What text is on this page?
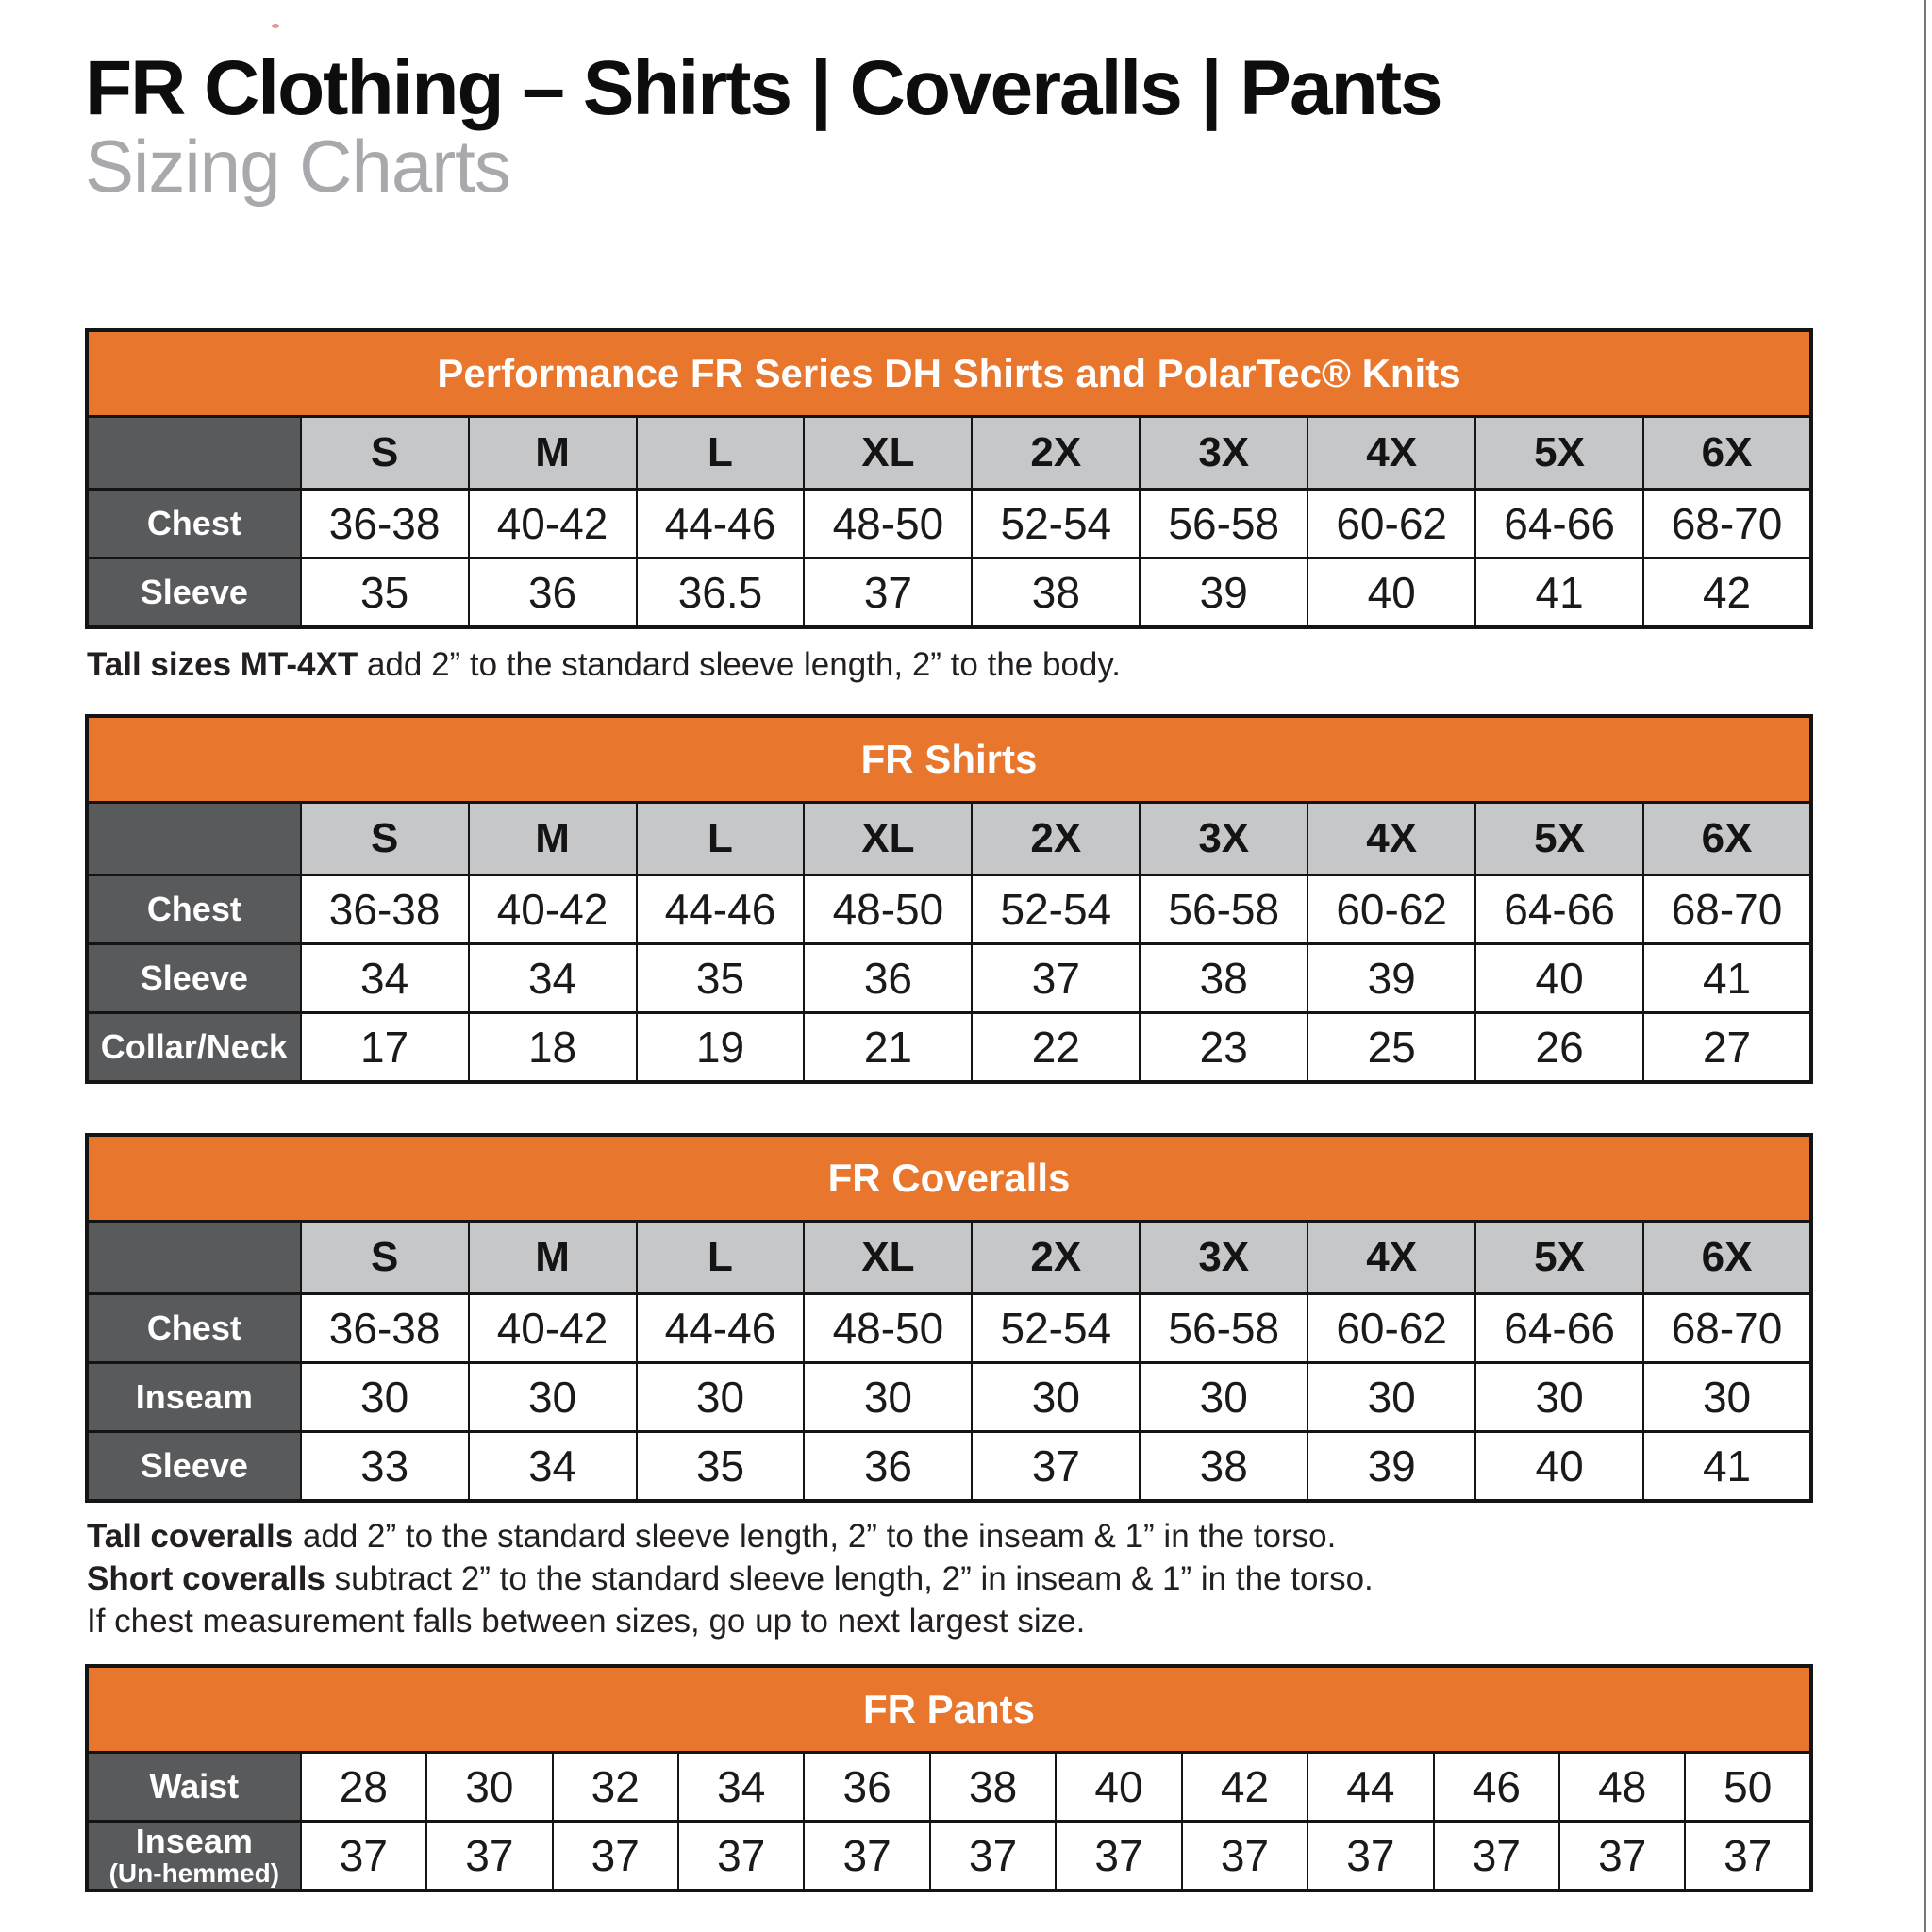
FR Clothing – Shirts | Coveralls | Pants
Sizing Charts
Performance FR Series DH Shirts and PolarTec® Knits									
	S	M	L	XL	2X	3X	4X	5X	6X
Chest	36-38	40-42	44-46	48-50	52-54	56-58	60-62	64-66	68-70
Sleeve	35	36	36.5	37	38	39	40	41	42

Tall sizes MT-4XT add 2” to the standard sleeve length, 2” to the body.

FR Shirts									
	S	M	L	XL	2X	3X	4X	5X	6X
Chest	36-38	40-42	44-46	48-50	52-54	56-58	60-62	64-66	68-70
Sleeve	34	34	35	36	37	38	39	40	41
Collar/Neck	17	18	19	21	22	23	25	26	27
FR Coveralls									
	S	M	L	XL	2X	3X	4X	5X	6X
Chest	36-38	40-42	44-46	48-50	52-54	56-58	60-62	64-66	68-70
Inseam	30	30	30	30	30	30	30	30	30
Sleeve	33	34	35	36	37	38	39	40	41

Tall coveralls add 2” to the standard sleeve length, 2” to the inseam & 1” in the torso.

Short coveralls subtract 2” to the standard sleeve length, 2” in inseam & 1” in the torso.

If chest measurement falls between sizes, go up to next largest size.

FR Pants												
Waist	28	30	32	34	36	38	40	42	44	46	48	50

Inseam
(Un-hemmed)	37	37	37	37	37	37	37	37	37	37	37	37
